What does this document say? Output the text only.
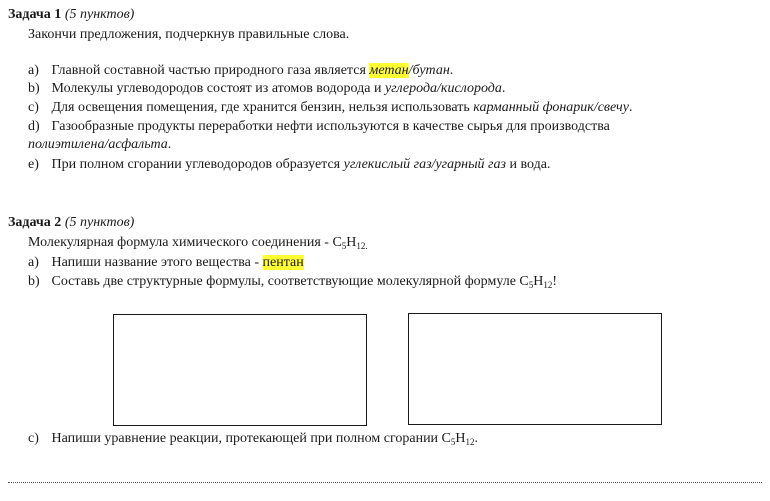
Задача 1 (5 пунктов)
Закончи предложения, подчеркнув правильные слова.
a) Главной составной частью природного газа является метан/бутан.
b) Молекулы углеводородов состоят из атомов водорода и углерода/кислорода.
c) Для освещения помещения, где хранится бензин, нельзя использовать карманный фонарик/свечу.
d) Газообразные продукты переработки нефти используются в качестве сырья для производства
полиэтилена/асфальта.
e) При полном сгорании углеводородов образуется углекислый газ/угарный газ и вода.
Задача 2 (5 пунктов)
Молекулярная формула химического соединения - $C_5H_{12.}$
a) Напиши название этого вещества - пентан
b) Составь две структурные формулы, соответствующие молекулярной формуле $C_5H_{12}$!
c) Напиши уравнение реакции, протекающей при полном сгорании $C_5H_{12}$.
